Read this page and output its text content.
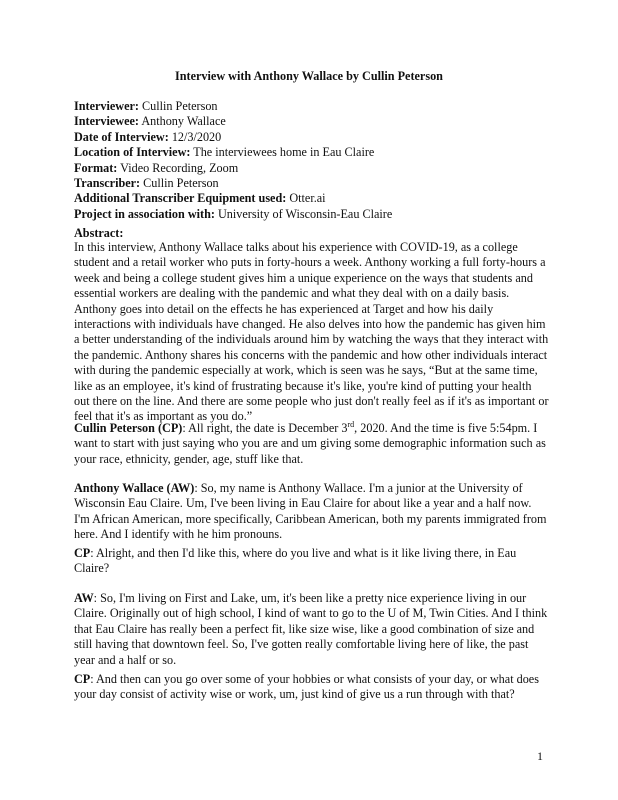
Interview with Anthony Wallace by Cullin Peterson
Interviewer: Cullin Peterson
Interviewee: Anthony Wallace
Date of Interview: 12/3/2020
Location of Interview: The interviewees home in Eau Claire
Format: Video Recording, Zoom
Transcriber: Cullin Peterson
Additional Transcriber Equipment used: Otter.ai
Project in association with: University of Wisconsin-Eau Claire
Abstract:
In this interview, Anthony Wallace talks about his experience with COVID-19, as a college
student and a retail worker who puts in forty-hours a week. Anthony working a full forty-hours a
week and being a college student gives him a unique experience on the ways that students and
essential workers are dealing with the pandemic and what they deal with on a daily basis.
Anthony goes into detail on the effects he has experienced at Target and how his daily
interactions with individuals have changed. He also delves into how the pandemic has given him
a better understanding of the individuals around him by watching the ways that they interact with
the pandemic. Anthony shares his concerns with the pandemic and how other individuals interact
with during the pandemic especially at work, which is seen was he says, “But at the same time,
like as an employee, it's kind of frustrating because it's like, you're kind of putting your health
out there on the line. And there are some people who just don't really feel as if it's as important or
feel that it's as important as you do.”
Cullin Peterson (CP): All right, the date is December 3rd, 2020. And the time is five 5:54pm. I
want to start with just saying who you are and um giving some demographic information such as
your race, ethnicity, gender, age, stuff like that.
Anthony Wallace (AW): So, my name is Anthony Wallace. I'm a junior at the University of
Wisconsin Eau Claire. Um, I've been living in Eau Claire for about like a year and a half now.
I'm African American, more specifically, Caribbean American, both my parents immigrated from
here. And I identify with he him pronouns.
CP: Alright, and then I'd like this, where do you live and what is it like living there, in Eau
Claire?
AW: So, I'm living on First and Lake, um, it's been like a pretty nice experience living in our
Claire. Originally out of high school, I kind of want to go to the U of M, Twin Cities. And I think
that Eau Claire has really been a perfect fit, like size wise, like a good combination of size and
still having that downtown feel. So, I've gotten really comfortable living here of like, the past
year and a half or so.
CP: And then can you go over some of your hobbies or what consists of your day, or what does
your day consist of activity wise or work, um, just kind of give us a run through with that?
1
